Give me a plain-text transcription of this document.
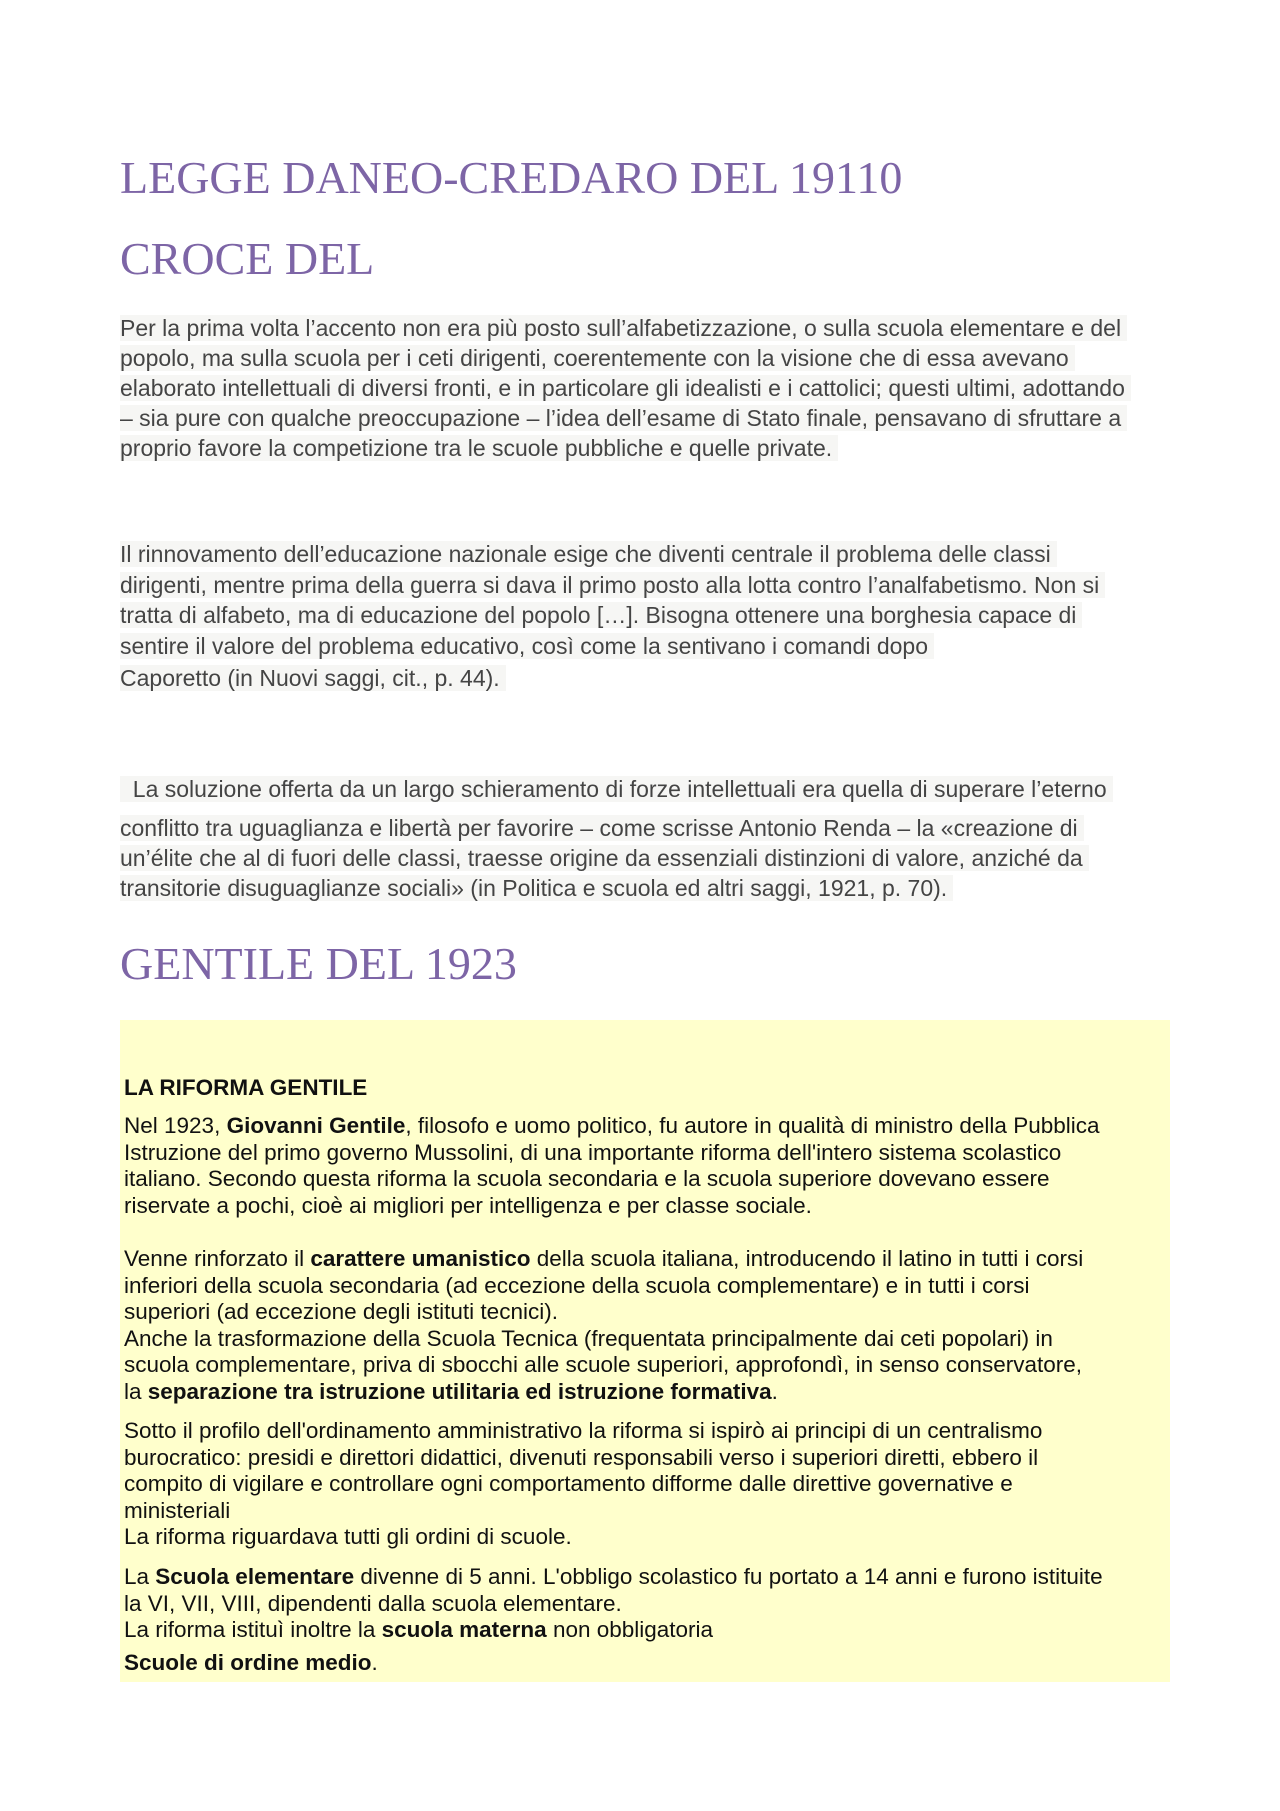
LEGGE DANEO-CREDARO DEL 19110
CROCE DEL
Per la prima volta l’accento non era più posto sull’alfabetizzazione, o sulla scuola elementare e del
popolo, ma sulla scuola per i ceti dirigenti, coerentemente con la visione che di essa avevano
elaborato intellettuali di diversi fronti, e in particolare gli idealisti e i cattolici; questi ultimi, adottando
– sia pure con qualche preoccupazione – l’idea dell’esame di Stato finale, pensavano di sfruttare a
proprio favore la competizione tra le scuole pubbliche e quelle private.
Il rinnovamento dell’educazione nazionale esige che diventi centrale il problema delle classi
dirigenti, mentre prima della guerra si dava il primo posto alla lotta contro l’analfabetismo. Non si
tratta di alfabeto, ma di educazione del popolo […]. Bisogna ottenere una borghesia capace di
sentire il valore del problema educativo, così come la sentivano i comandi dopo
Caporetto (in Nuovi saggi, cit., p. 44).
La soluzione offerta da un largo schieramento di forze intellettuali era quella di superare l’eterno
conflitto tra uguaglianza e libertà per favorire – come scrisse Antonio Renda – la «creazione di
un’élite che al di fuori delle classi, traesse origine da essenziali distinzioni di valore, anziché da
transitorie disuguaglianze sociali» (in Politica e scuola ed altri saggi, 1921, p. 70).
GENTILE DEL 1923
LA RIFORMA GENTILE
Nel 1923, Giovanni Gentile, filosofo e uomo politico, fu autore in qualità di ministro della Pubblica
Istruzione del primo governo Mussolini, di una importante riforma dell'intero sistema scolastico
italiano. Secondo questa riforma la scuola secondaria e la scuola superiore dovevano essere
riservate a pochi, cioè ai migliori per intelligenza e per classe sociale.
Venne rinforzato il carattere umanistico della scuola italiana, introducendo il latino in tutti i corsi
inferiori della scuola secondaria (ad eccezione della scuola complementare) e in tutti i corsi
superiori (ad eccezione degli istituti tecnici).
Anche la trasformazione della Scuola Tecnica (frequentata principalmente dai ceti popolari) in
scuola complementare, priva di sbocchi alle scuole superiori, approfondì, in senso conservatore,
la separazione tra istruzione utilitaria ed istruzione formativa.
Sotto il profilo dell'ordinamento amministrativo la riforma si ispirò ai principi di un centralismo
burocratico: presidi e direttori didattici, divenuti responsabili verso i superiori diretti, ebbero il
compito di vigilare e controllare ogni comportamento difforme dalle direttive governative e
ministeriali
La riforma riguardava tutti gli ordini di scuole.
La Scuola elementare divenne di 5 anni. L'obbligo scolastico fu portato a 14 anni e furono istituite
la VI, VII, VIII, dipendenti dalla scuola elementare.
La riforma istituì inoltre la scuola materna non obbligatoria
Scuole di ordine medio.
